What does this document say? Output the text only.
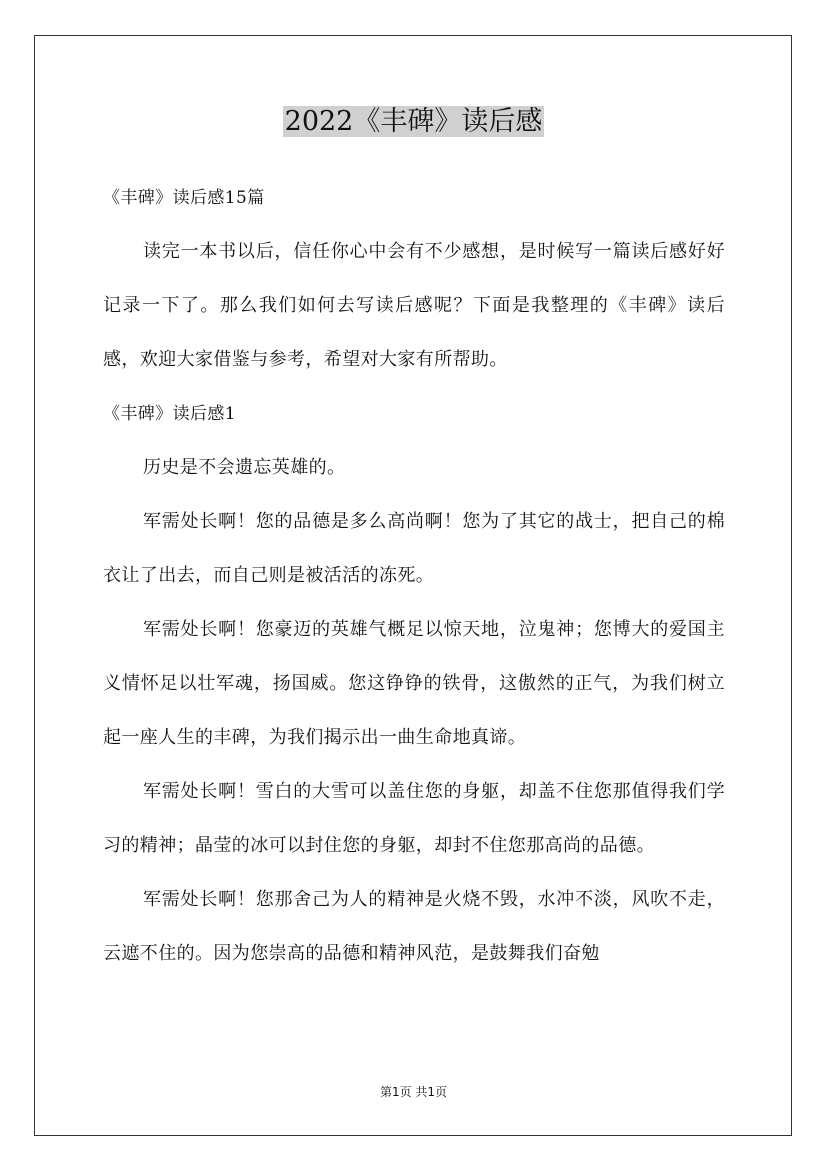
2022《丰碑》读后感

《丰碑》读后感15篇

读完一本书以后，信任你心中会有不少感想，是时候写一篇读后感好好记录一下了。那么我们如何去写读后感呢？下面是我整理的《丰碑》读后感，欢迎大家借鉴与参考，希望对大家有所帮助。

《丰碑》读后感1

历史是不会遗忘英雄的。

军需处长啊！您的品德是多么高尚啊！您为了其它的战士，把自己的棉衣让了出去，而自己则是被活活的冻死。

军需处长啊！您豪迈的英雄气概足以惊天地，泣鬼神；您博大的爱国主义情怀足以壮军魂，扬国威。您这铮铮的铁骨，这傲然的正气，为我们树立起一座人生的丰碑，为我们揭示出一曲生命地真谛。

军需处长啊！雪白的大雪可以盖住您的身躯，却盖不住您那值得我们学习的精神；晶莹的冰可以封住您的身躯，却封不住您那高尚的品德。

军需处长啊！您那舍己为人的精神是火烧不毁，水冲不淡，风吹不走，云遮不住的。因为您崇高的品德和精神风范，是鼓舞我们奋勉

第1页 共1页
